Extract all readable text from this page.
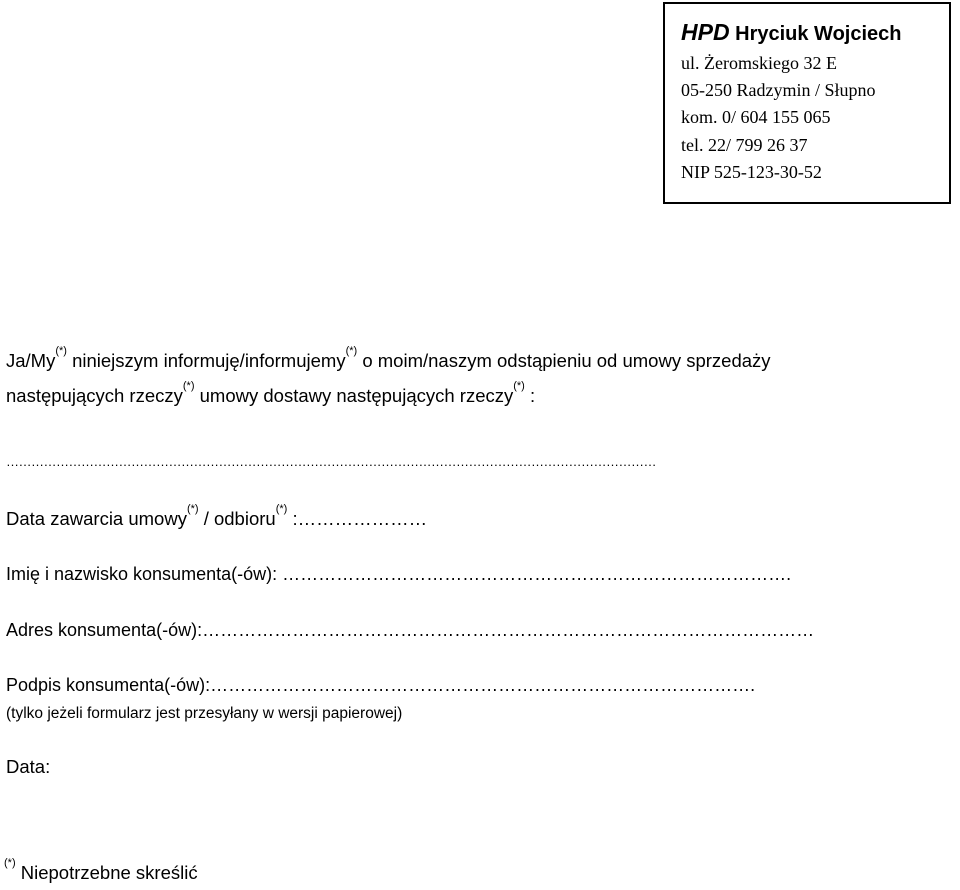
HPD Hryciuk Wojciech
ul. Żeromskiego 32 E
05-250 Radzymin / Słupno
kom. 0/ 604 155 065
tel. 22/ 799 26 37
NIP 525-123-30-52
Ja/My(*) niniejszym informuję/informujemy(*) o moim/naszym odstąpieniu od umowy sprzedaży
następujących rzeczy(*) umowy dostawy następujących rzeczy(*) :
…………………………………………………………………………………………………………………………………………
Data zawarcia umowy(*) / odbioru(*) :…………………
Imię i nazwisko konsumenta(-ów): ………………………………………………………………………….
Adres konsumenta(-ów):…………………………………………………………………………………………
Podpis konsumenta(-ów):……………………………………………………………………………….
(tylko jeżeli formularz jest przesyłany w wersji papierowej)
Data:
(*) Niepotrzebne skreślić
